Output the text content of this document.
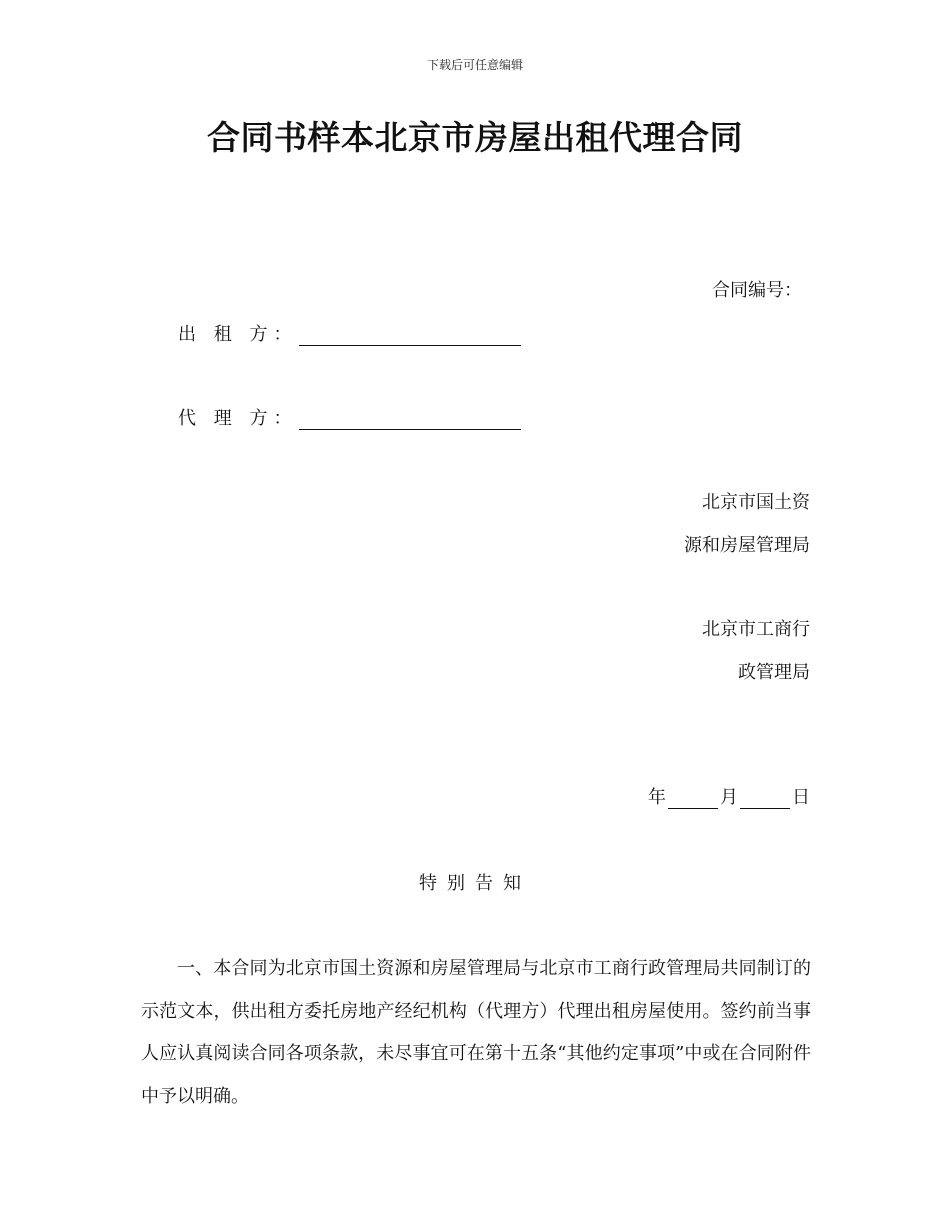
下载后可任意编辑
合同书样本北京市房屋出租代理合同
合同编号：
出 租 方：
代 理 方：
北京市国土资
源和房屋管理局
北京市工商行
政管理局
年	月	日
特别告知
一、本合同为北京市国土资源和房屋管理局与北京市工商行政管理局共同制订的示范文本，供出租方委托房地产经纪机构（代理方）代理出租房屋使用。签约前当事人应认真阅读合同各项条款，未尽事宜可在第十五条“其他约定事项”中或在合同附件中予以明确。
